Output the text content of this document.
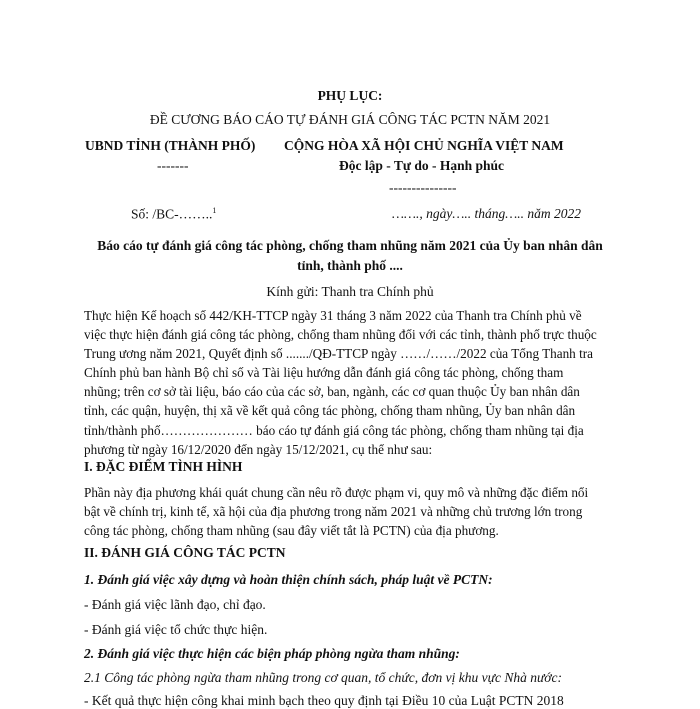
PHỤ LỤC:
ĐỀ CƯƠNG BÁO CÁO TỰ ĐÁNH GIÁ CÔNG TÁC PCTN NĂM 2021
UBND TỈNH (THÀNH PHỐ)
-------
CỘNG HÒA XÃ HỘI CHỦ NGHĨA VIỆT NAM
Độc lập - Tự do - Hạnh phúc
---------------
Số: /BC-……..$^1$	……., ngày….. tháng….. năm 2022
Báo cáo tự đánh giá công tác phòng, chống tham nhũng năm 2021 của Ủy ban nhân dân
tỉnh, thành phố ....
Kính gửi: Thanh tra Chính phủ
Thực hiện Kế hoạch số 442/KH-TTCP ngày 31 tháng 3 năm 2022 của Thanh tra Chính phủ về
việc thực hiện đánh giá công tác phòng, chống tham nhũng đối với các tỉnh, thành phố trực thuộc
Trung ương năm 2021, Quyết định số ......./QĐ-TTCP ngày ……/……/2022 của Tổng Thanh tra
Chính phủ ban hành Bộ chỉ số và Tài liệu hướng dẫn đánh giá công tác phòng, chống tham
nhũng; trên cơ sở tài liệu, báo cáo của các sở, ban, ngành, các cơ quan thuộc Ủy ban nhân dân
tỉnh, các quận, huyện, thị xã về kết quả công tác phòng, chống tham nhũng, Ủy ban nhân dân
tỉnh/thành phố………………… báo cáo tự đánh giá công tác phòng, chống tham nhũng tại địa
phương từ ngày 16/12/2020 đến ngày 15/12/2021, cụ thể như sau:
I. ĐẶC ĐIỂM TÌNH HÌNH
Phần này địa phương khái quát chung cần nêu rõ được phạm vi, quy mô và những đặc điểm nổi
bật về chính trị, kinh tế, xã hội của địa phương trong năm 2021 và những chủ trương lớn trong
công tác phòng, chống tham nhũng (sau đây viết tắt là PCTN) của địa phương.
II. ĐÁNH GIÁ CÔNG TÁC PCTN
1. Đánh giá việc xây dựng và hoàn thiện chính sách, pháp luật về PCTN:
- Đánh giá việc lãnh đạo, chỉ đạo.
- Đánh giá việc tổ chức thực hiện.
2. Đánh giá việc thực hiện các biện pháp phòng ngừa tham nhũng:
2.1 Công tác phòng ngừa tham nhũng trong cơ quan, tổ chức, đơn vị khu vực Nhà nước:
- Kết quả thực hiện công khai minh bạch theo quy định tại Điều 10 của Luật PCTN 2018
